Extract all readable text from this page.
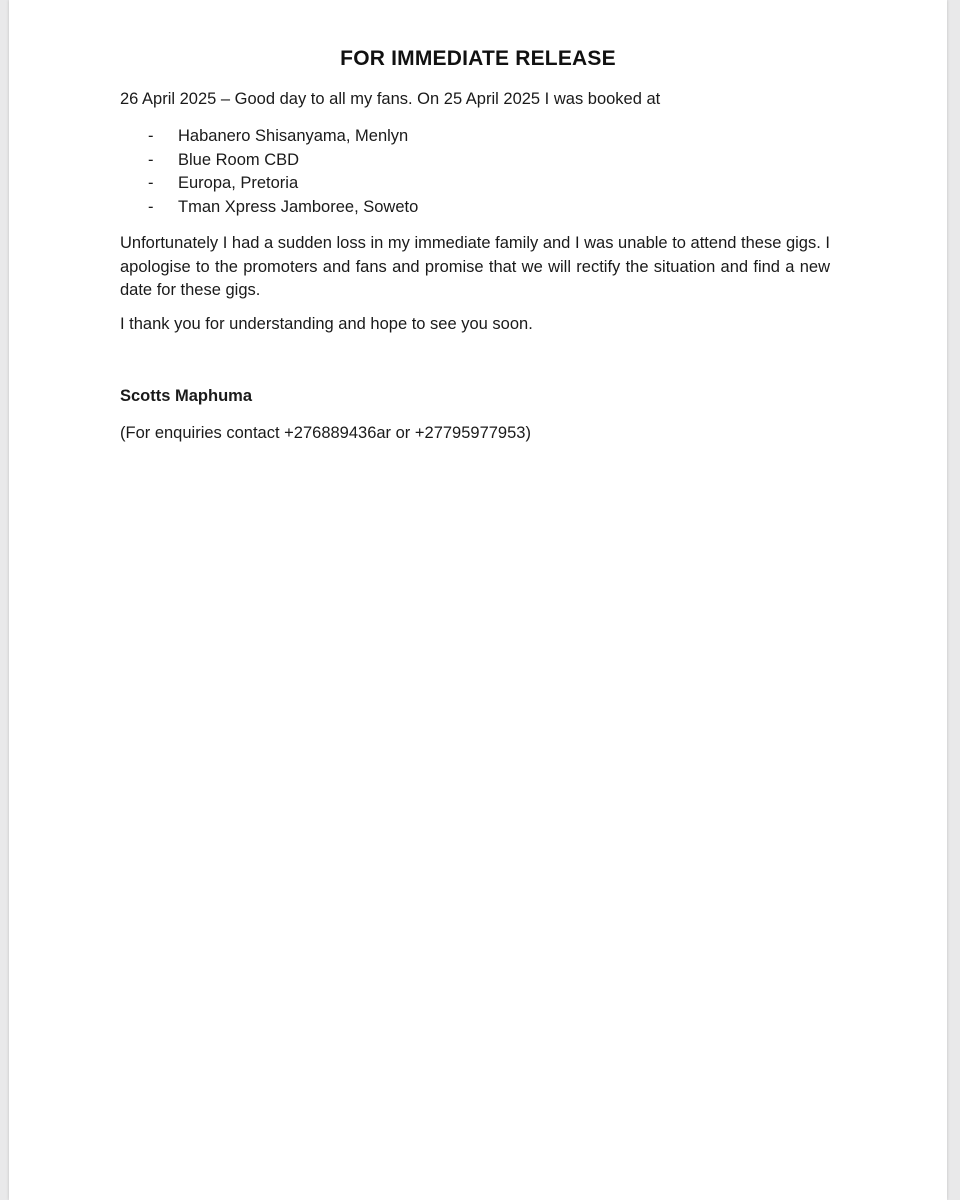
FOR IMMEDIATE RELEASE

26 April 2025 – Good day to all my fans. On 25 April 2025 I was booked at

- Habanero Shisanyama, Menlyn
- Blue Room CBD
- Europa, Pretoria
- Tman Xpress Jamboree, Soweto

Unfortunately I had a sudden loss in my immediate family and I was unable to attend these gigs. I apologise to the promoters and fans and promise that we will rectify the situation and find a new date for these gigs.

I thank you for understanding and hope to see you soon.

Scotts Maphuma

(For enquiries contact +276889436ar or +27795977953)
